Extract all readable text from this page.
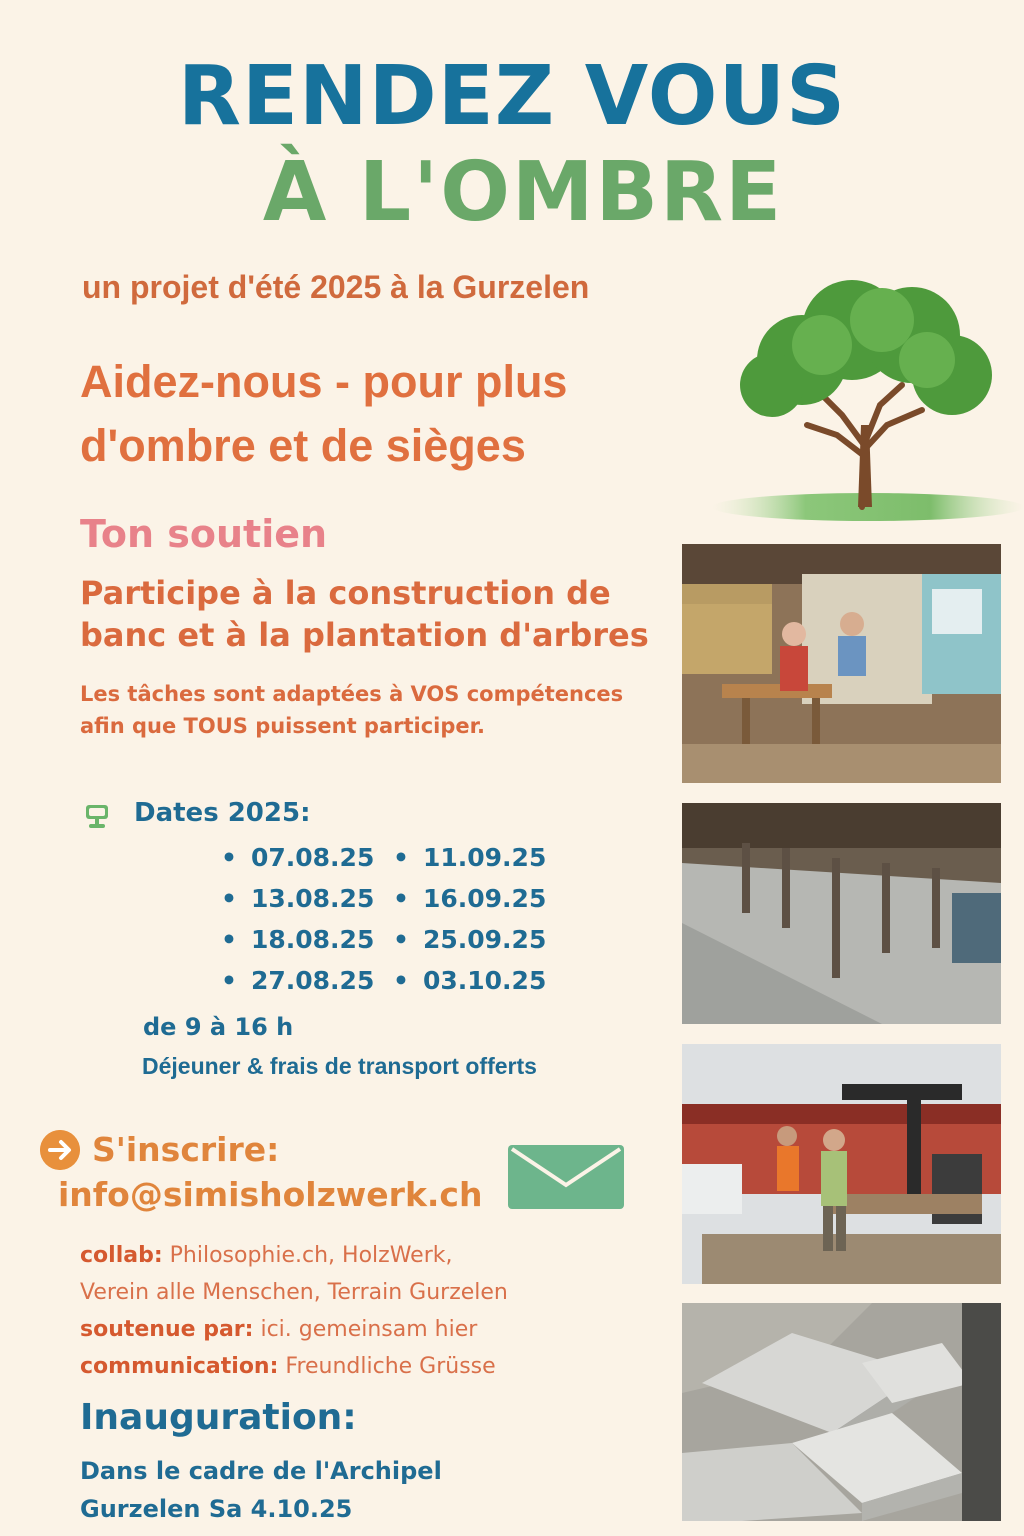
RENDEZ VOUS
À L'OMBRE
un projet d'été 2025 à la Gurzelen
Aidez-nous - pour plus d'ombre et de sièges
Ton soutien
Participe à la construction de banc et à la plantation d'arbres
Les tâches sont adaptées à VOS compétences
afin que TOUS puissent participer.
Dates 2025:
• 07.08.25
• 13.08.25
• 18.08.25
• 27.08.25
• 11.09.25
• 16.09.25
• 25.09.25
• 03.10.25
de 9 à 16 h
Déjeuner & frais de transport offerts
S'inscrire:
info@simisholzwerk.ch
collab: Philosophie.ch, HolzWerk,
Verein alle Menschen, Terrain Gurzelen
soutenue par: ici. gemeinsam hier
communication: Freundliche Grüsse
Inauguration:
Dans le cadre de l'Archipel
Gurzelen Sa 4.10.25
